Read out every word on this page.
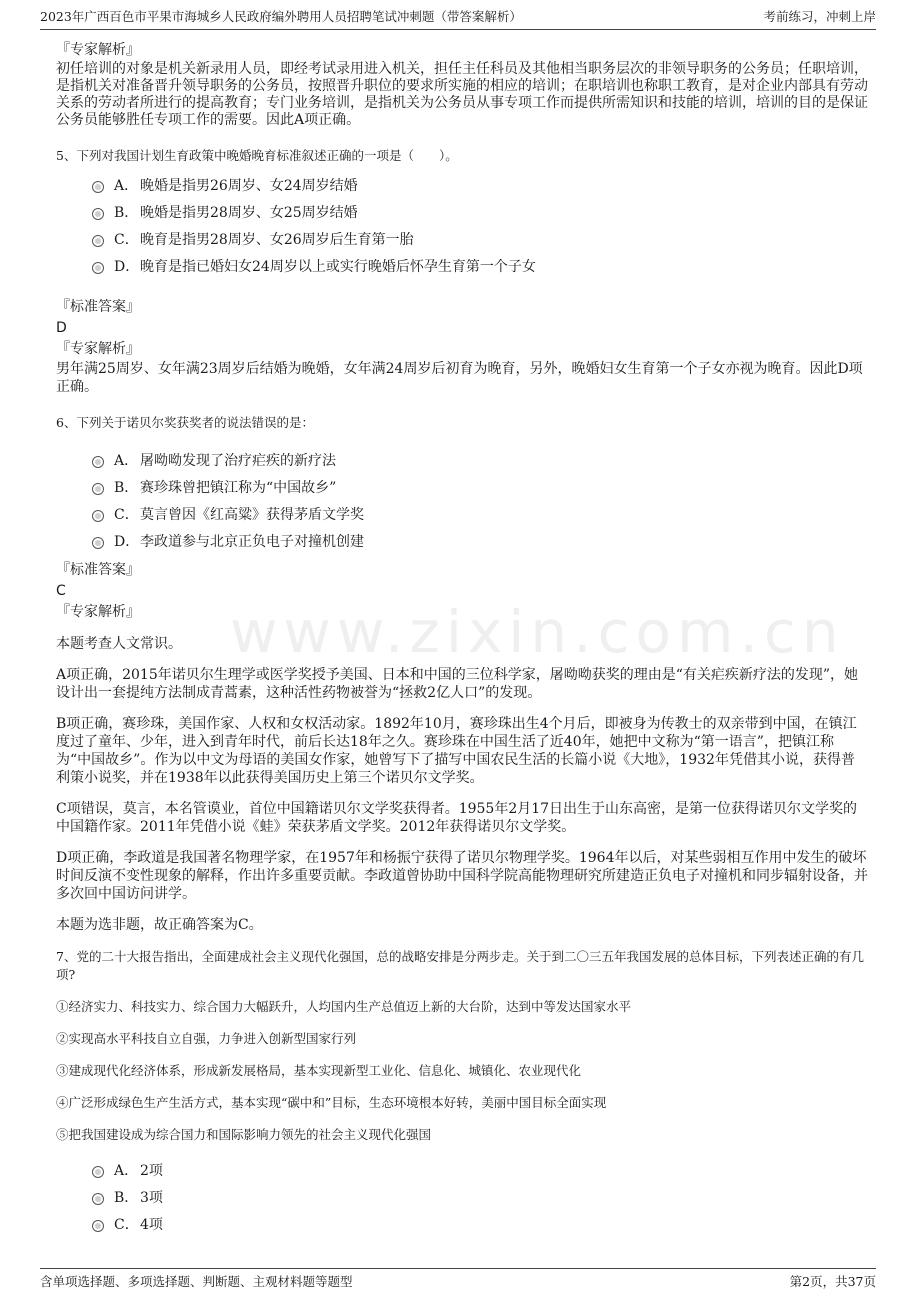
2023年广西百色市平果市海城乡人民政府编外聘用人员招聘笔试冲刺题（带答案解析）	考前练习，冲刺上岸
www.zixin.com.cn
『专家解析』
初任培训的对象是机关新录用人员，即经考试录用进入机关，担任主任科员及其他相当职务层次的非领导职务的公务员；任职培训，是指机关对准备晋升领导职务的公务员，按照晋升职位的要求所实施的相应的培训；在职培训也称职工教育，是对企业内部具有劳动关系的劳动者所进行的提高教育；专门业务培训，是指机关为公务员从事专项工作而提供所需知识和技能的培训，培训的目的是保证公务员能够胜任专项工作的需要。因此A项正确。
5、下列对我国计划生育政策中晚婚晚育标准叙述正确的一项是（　　）。
A． 晚婚是指男26周岁、女24周岁结婚
B． 晚婚是指男28周岁、女25周岁结婚
C． 晚育是指男28周岁、女26周岁后生育第一胎
D． 晚育是指已婚妇女24周岁以上或实行晚婚后怀孕生育第一个子女
『标准答案』
D
『专家解析』
男年满25周岁、女年满23周岁后结婚为晚婚，女年满24周岁后初育为晚育，另外，晚婚妇女生育第一个子女亦视为晚育。因此D项正确。
6、下列关于诺贝尔奖获奖者的说法错误的是：
A． 屠呦呦发现了治疗疟疾的新疗法
B． 赛珍珠曾把镇江称为“中国故乡”
C． 莫言曾因《红高粱》获得茅盾文学奖
D． 李政道参与北京正负电子对撞机创建
『标准答案』
C
『专家解析』
本题考查人文常识。
A项正确，2015年诺贝尔生理学或医学奖授予美国、日本和中国的三位科学家，屠呦呦获奖的理由是“有关疟疾新疗法的发现”，她设计出一套提纯方法制成青蒿素，这种活性药物被誉为“拯救2亿人口”的发现。
B项正确，赛珍珠，美国作家、人权和女权活动家。1892年10月，赛珍珠出生4个月后，即被身为传教士的双亲带到中国，在镇江度过了童年、少年，进入到青年时代，前后长达18年之久。赛珍珠在中国生活了近40年，她把中文称为“第一语言”，把镇江称为“中国故乡”。作为以中文为母语的美国女作家，她曾写下了描写中国农民生活的长篇小说《大地》，1932年凭借其小说，获得普利策小说奖，并在1938年以此获得美国历史上第三个诺贝尔文学奖。
C项错误，莫言，本名管谟业，首位中国籍诺贝尔文学奖获得者。1955年2月17日出生于山东高密，是第一位获得诺贝尔文学奖的中国籍作家。2011年凭借小说《蛙》荣获茅盾文学奖。2012年获得诺贝尔文学奖。
D项正确，李政道是我国著名物理学家，在1957年和杨振宁获得了诺贝尔物理学奖。1964年以后，对某些弱相互作用中发生的破坏时间反演不变性现象的解释，作出许多重要贡献。李政道曾协助中国科学院高能物理研究所建造正负电子对撞机和同步辐射设备，并多次回中国访问讲学。
本题为选非题，故正确答案为C。
7、党的二十大报告指出，全面建成社会主义现代化强国，总的战略安排是分两步走。关于到二〇三五年我国发展的总体目标，下列表述正确的有几项?
①经济实力、科技实力、综合国力大幅跃升，人均国内生产总值迈上新的大台阶，达到中等发达国家水平
②实现高水平科技自立自强，力争进入创新型国家行列
③建成现代化经济体系，形成新发展格局，基本实现新型工业化、信息化、城镇化、农业现代化
④广泛形成绿色生产生活方式，基本实现“碳中和”目标，生态环境根本好转，美丽中国目标全面实现
⑤把我国建设成为综合国力和国际影响力领先的社会主义现代化强国
A． 2项
B． 3项
C． 4项
含单项选择题、多项选择题、判断题、主观材料题等题型	第2页，共37页
